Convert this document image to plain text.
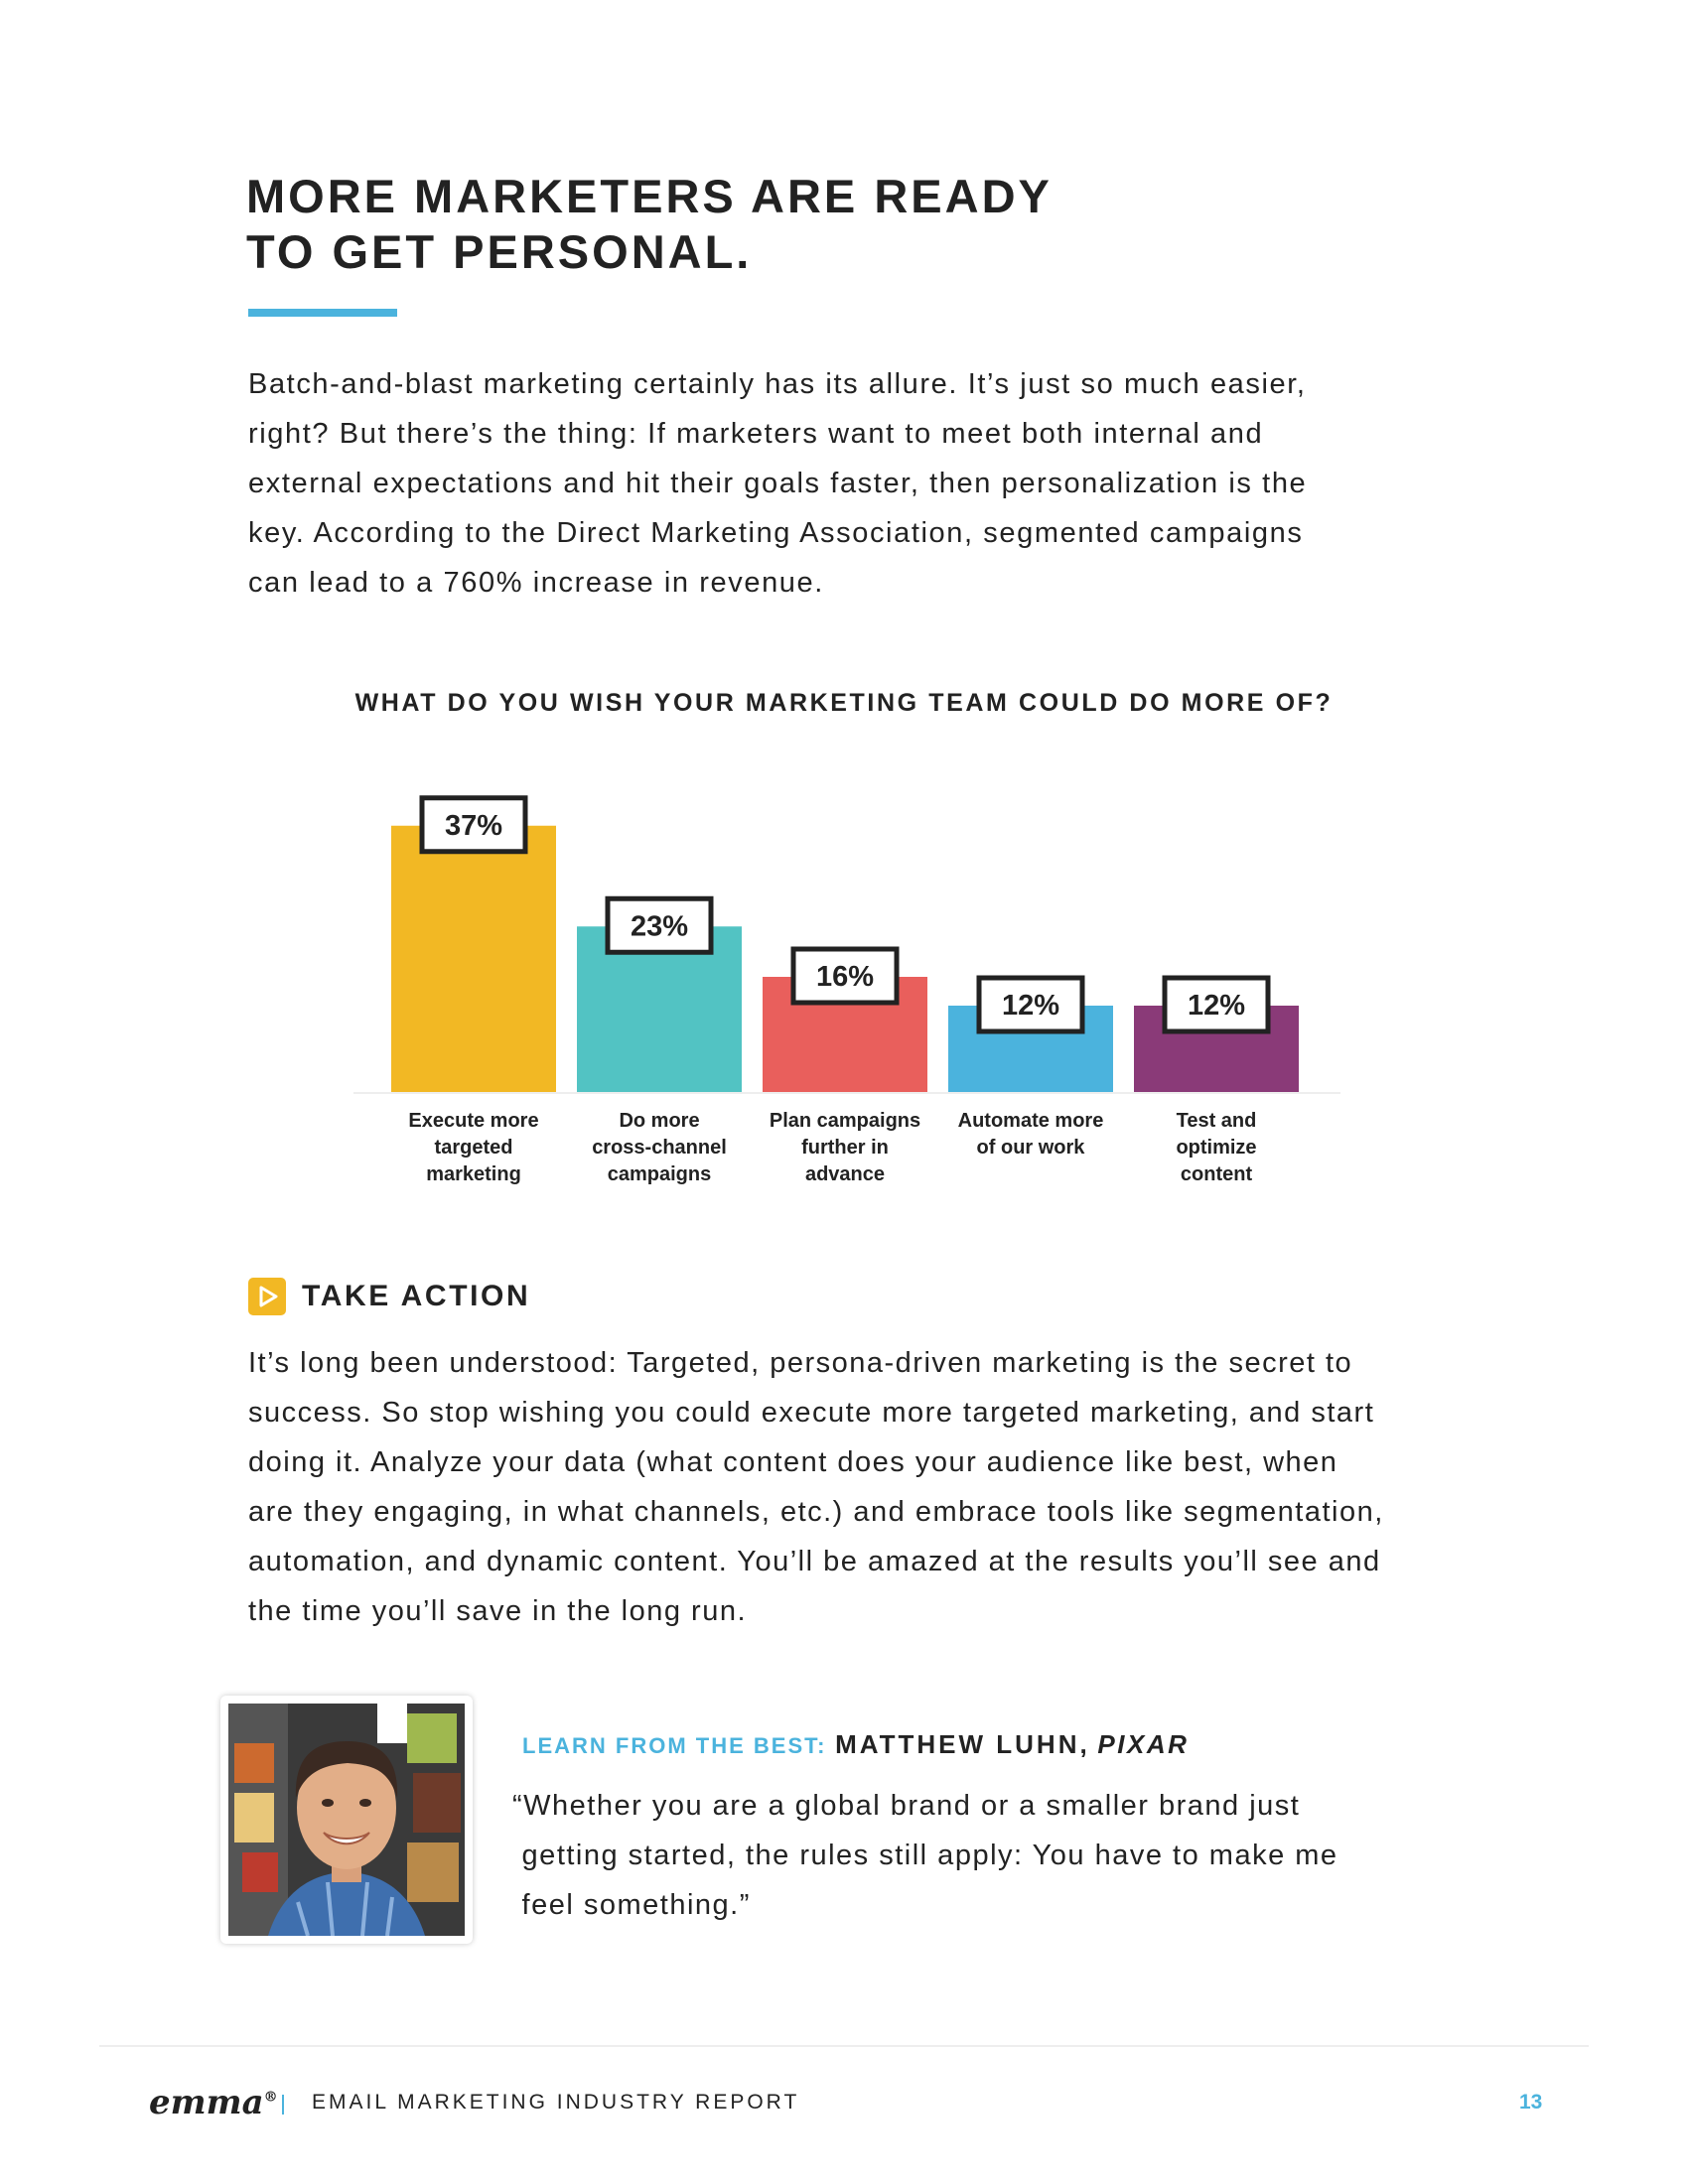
MORE MARKETERS ARE READY
TO GET PERSONAL.

Batch-and-blast marketing certainly has its allure. It’s just so much easier,
right? But there’s the thing: If marketers want to meet both internal and
external expectations and hit their goals faster, then personalization is the
key. According to the Direct Marketing Association, segmented campaigns
can lead to a 760% increase in revenue.

WHAT DO YOU WISH YOUR MARKETING TEAM COULD DO MORE OF?
37%
Execute more
targeted
marketing
23%
Do more
cross-channel
campaigns
16%
Plan campaigns
further in
advance
12%
Automate more
of our work
12%
Test and
optimize
content
TAKE ACTION

It’s long been understood: Targeted, persona-driven marketing is the secret to
success. So stop wishing you could execute more targeted marketing, and start
doing it. Analyze your data (what content does your audience like best, when
are they engaging, in what channels, etc.) and embrace tools like segmentation,
automation, and dynamic content. You’ll be amazed at the results you’ll see and
the time you’ll save in the long run.

LEARN FROM THE BEST: MATTHEW LUHN, PIXAR

“Whether you are a global brand or a smaller brand just
getting started, the rules still apply: You have to make me
feel something.”

emma® EMAIL MARKETING INDUSTRY REPORT	13
